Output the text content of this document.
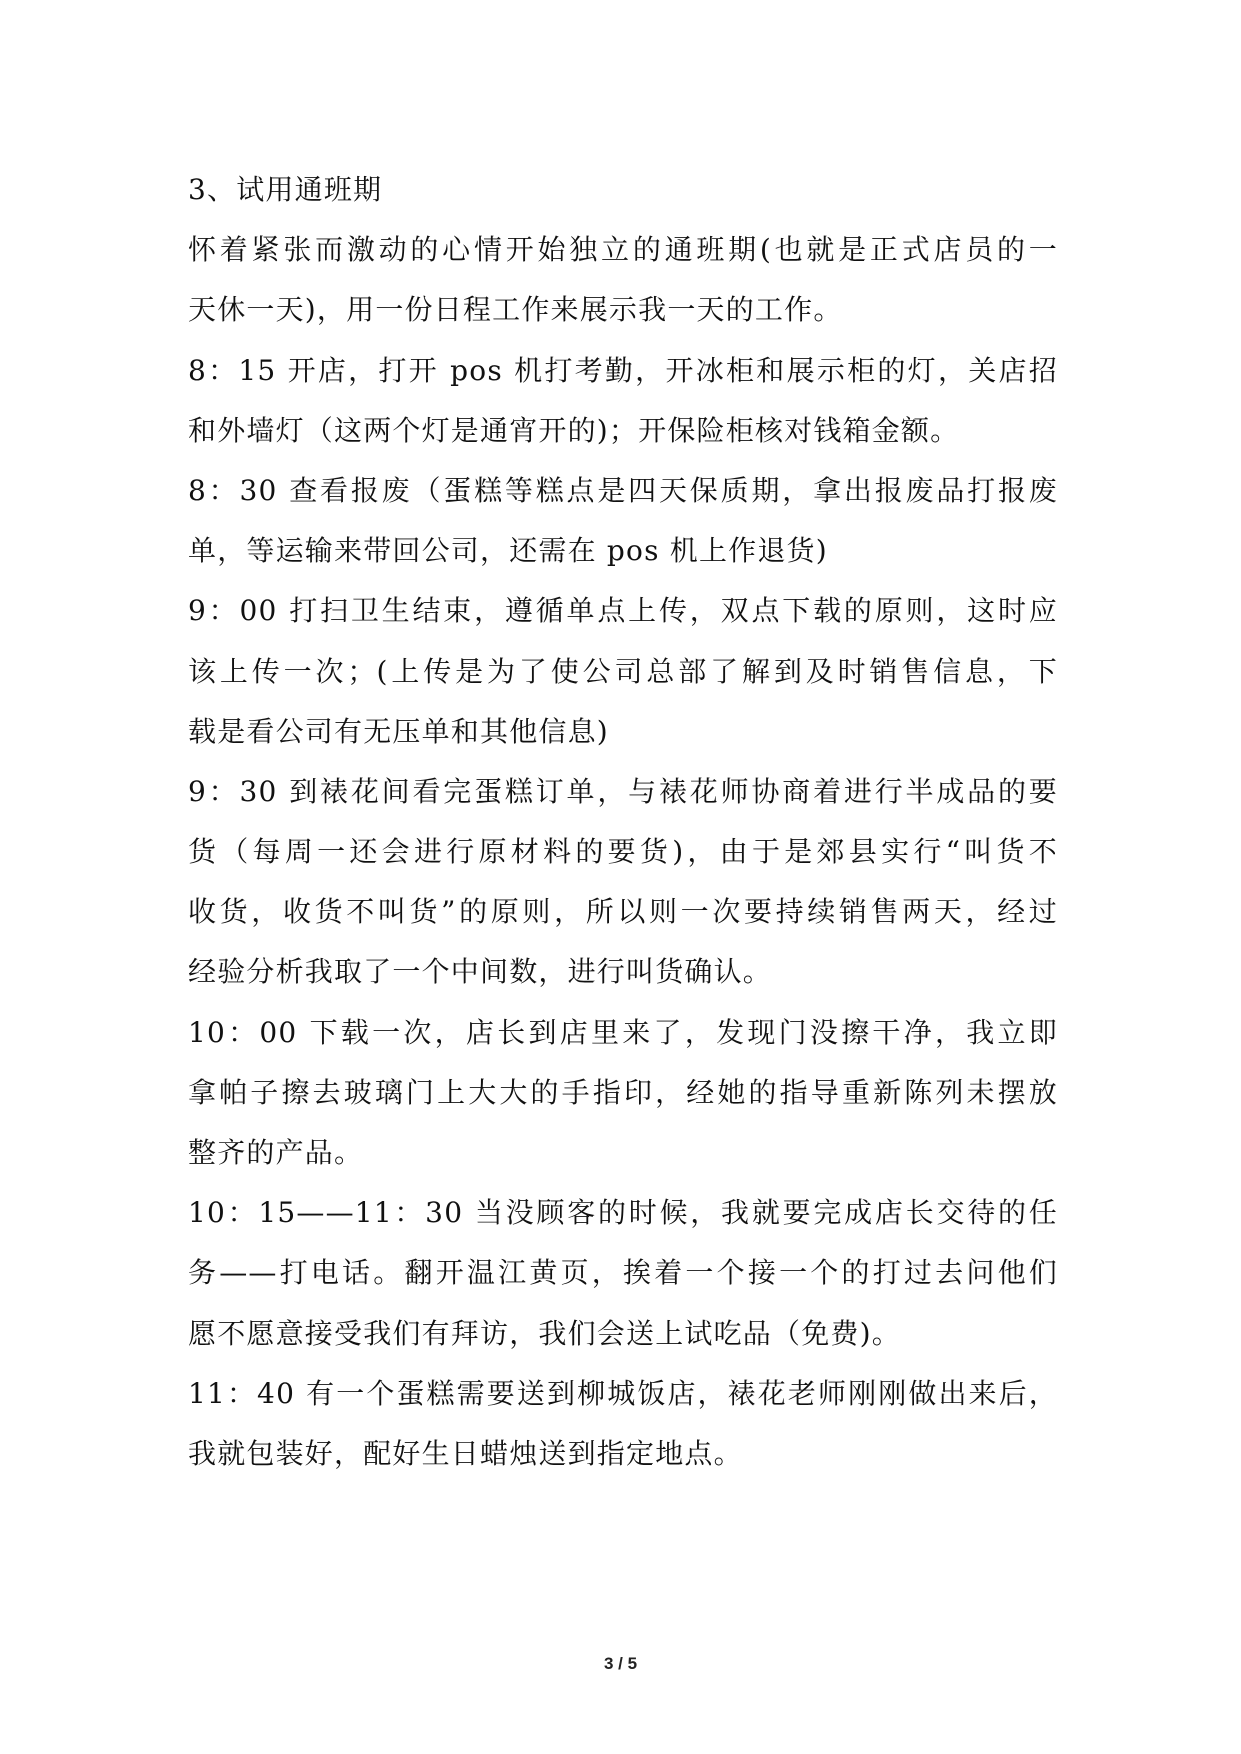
3、试用通班期
怀着紧张而激动的心情开始独立的通班期(也就是正式店员的一
天休一天)，用一份日程工作来展示我一天的工作。
8：15 开店，打开 pos 机打考勤，开冰柜和展示柜的灯，关店招
和外墙灯（这两个灯是通宵开的)；开保险柜核对钱箱金额。
8：30 查看报废（蛋糕等糕点是四天保质期，拿出报废品打报废
单，等运输来带回公司，还需在 pos 机上作退货)
9：00 打扫卫生结束，遵循单点上传，双点下载的原则，这时应
该上传一次；(上传是为了使公司总部了解到及时销售信息，下
载是看公司有无压单和其他信息)
9：30 到裱花间看完蛋糕订单，与裱花师协商着进行半成品的要
货（每周一还会进行原材料的要货)，由于是郊县实行“叫货不
收货，收货不叫货”的原则，所以则一次要持续销售两天，经过
经验分析我取了一个中间数，进行叫货确认。
10：00 下载一次，店长到店里来了，发现门没擦干净，我立即
拿帕子擦去玻璃门上大大的手指印，经她的指导重新陈列未摆放
整齐的产品。
10：15——11：30 当没顾客的时候，我就要完成店长交待的任
务——打电话。翻开温江黄页，挨着一个接一个的打过去问他们
愿不愿意接受我们有拜访，我们会送上试吃品（免费)。
11：40 有一个蛋糕需要送到柳城饭店，裱花老师刚刚做出来后，
我就包装好，配好生日蜡烛送到指定地点。
3 / 5
